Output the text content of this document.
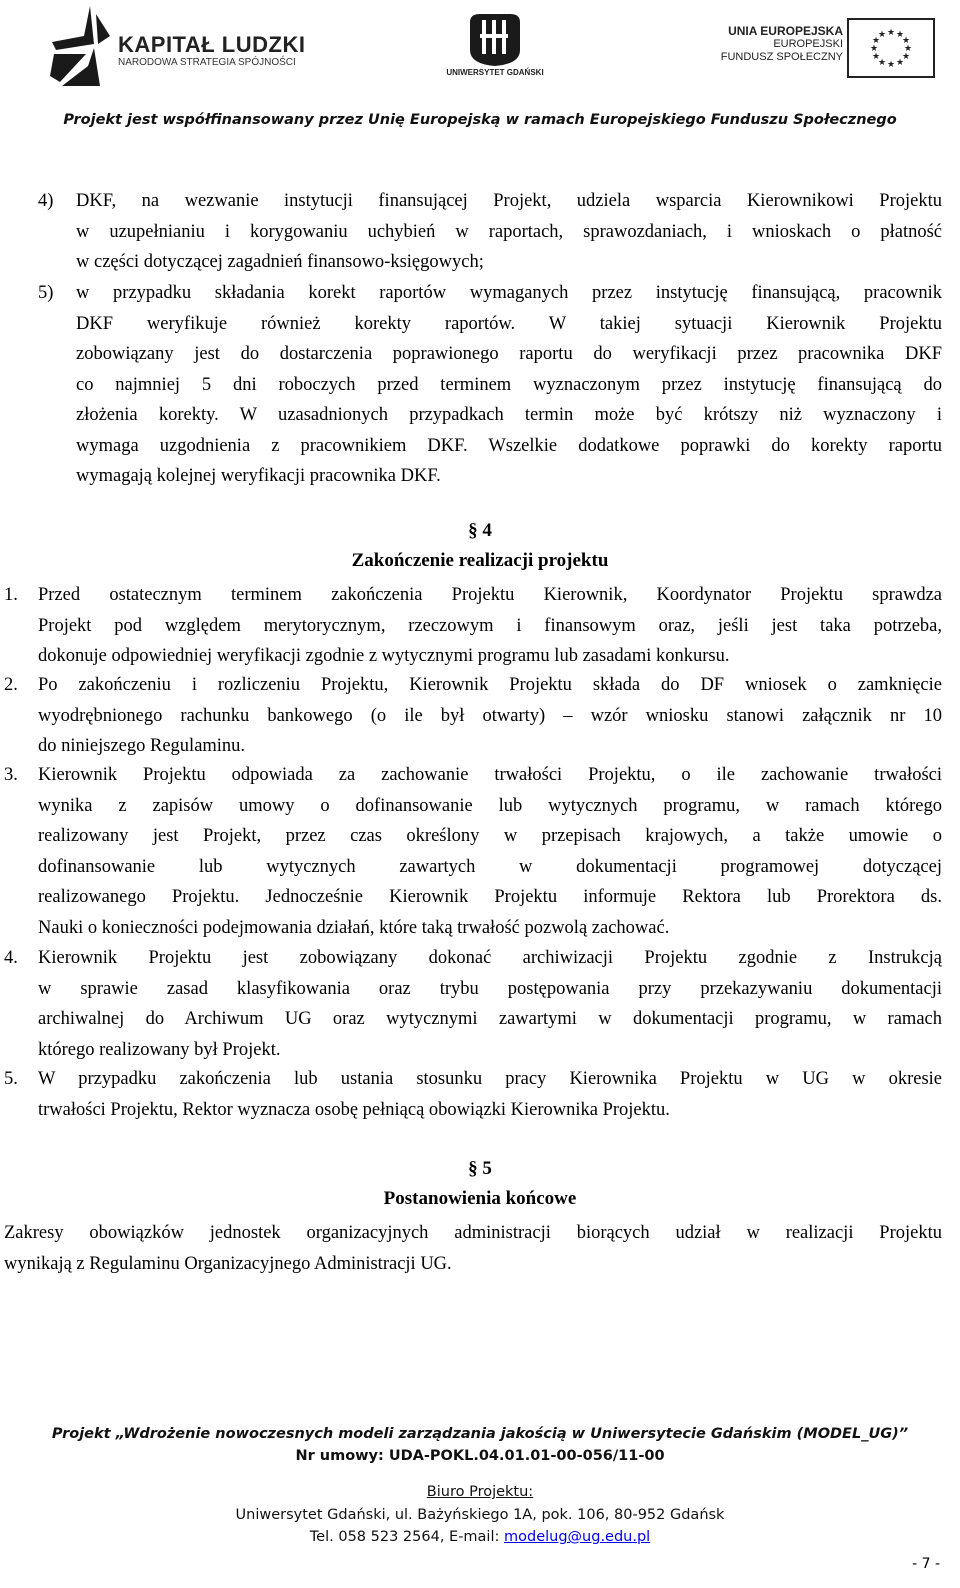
KAPITAŁ LUDZKI
NARODOWA STRATEGIA SPÓJNOŚCI
UNIWERSYTET GDAŃSKI
UNIA EUROPEJSKA
EUROPEJSKI
FUNDUSZ SPOŁECZNY
★ ★
★
★
★
★
★
★
★
★
★
★
Projekt jest współfinansowany przez Unię Europejską w ramach Europejskiego Funduszu Społecznego
4) DKF, na wezwanie instytucji finansującej Projekt, udziela wsparcia Kierownikowi Projektu
w uzupełnianiu i korygowaniu uchybień w raportach, sprawozdaniach, i wnioskach o płatność
w części dotyczącej zagadnień finansowo-księgowych;
5) w przypadku składania korekt raportów wymaganych przez instytucję finansującą, pracownik
DKF weryfikuje również korekty raportów. W takiej sytuacji Kierownik Projektu
zobowiązany jest do dostarczenia poprawionego raportu do weryfikacji przez pracownika DKF
co najmniej 5 dni roboczych przed terminem wyznaczonym przez instytucję finansującą do
złożenia korekty. W uzasadnionych przypadkach termin może być krótszy niż wyznaczony i
wymaga uzgodnienia z pracownikiem DKF. Wszelkie dodatkowe poprawki do korekty raportu
wymagają kolejnej weryfikacji pracownika DKF.
§ 4
Zakończenie realizacji projektu
1. Przed ostatecznym terminem zakończenia Projektu Kierownik, Koordynator Projektu sprawdza
Projekt pod względem merytorycznym, rzeczowym i finansowym oraz, jeśli jest taka potrzeba,
dokonuje odpowiedniej weryfikacji zgodnie z wytycznymi programu lub zasadami konkursu.
2. Po zakończeniu i rozliczeniu Projektu, Kierownik Projektu składa do DF wniosek o zamknięcie
wyodrębnionego rachunku bankowego (o ile był otwarty) – wzór wniosku stanowi załącznik nr 10
do niniejszego Regulaminu.
3. Kierownik Projektu odpowiada za zachowanie trwałości Projektu, o ile zachowanie trwałości
wynika z zapisów umowy o dofinansowanie lub wytycznych programu, w ramach którego
realizowany jest Projekt, przez czas określony w przepisach krajowych, a także umowie o
dofinansowanie lub wytycznych zawartych w dokumentacji programowej dotyczącej
realizowanego Projektu. Jednocześnie Kierownik Projektu informuje Rektora lub Prorektora ds.
Nauki o konieczności podejmowania działań, które taką trwałość pozwolą zachować.
4. Kierownik Projektu jest zobowiązany dokonać archiwizacji Projektu zgodnie z Instrukcją
w sprawie zasad klasyfikowania oraz trybu postępowania przy przekazywaniu dokumentacji
archiwalnej do Archiwum UG oraz wytycznymi zawartymi w dokumentacji programu, w ramach
którego realizowany był Projekt.
5. W przypadku zakończenia lub ustania stosunku pracy Kierownika Projektu w UG w okresie
trwałości Projektu, Rektor wyznacza osobę pełniącą obowiązki Kierownika Projektu.
§ 5
Postanowienia końcowe
Zakresy obowiązków jednostek organizacyjnych administracji biorących udział w realizacji Projektu
wynikają z Regulaminu Organizacyjnego Administracji UG.
Projekt „Wdrożenie nowoczesnych modeli zarządzania jakością w Uniwersytecie Gdańskim (MODEL_UG)”
Nr umowy: UDA-POKL.04.01.01-00-056/11-00
Biuro Projektu:
Uniwersytet Gdański, ul. Bażyńskiego 1A, pok. 106, 80-952 Gdańsk
Tel. 058 523 2564, E-mail: modelug@ug.edu.pl
- 7 -
